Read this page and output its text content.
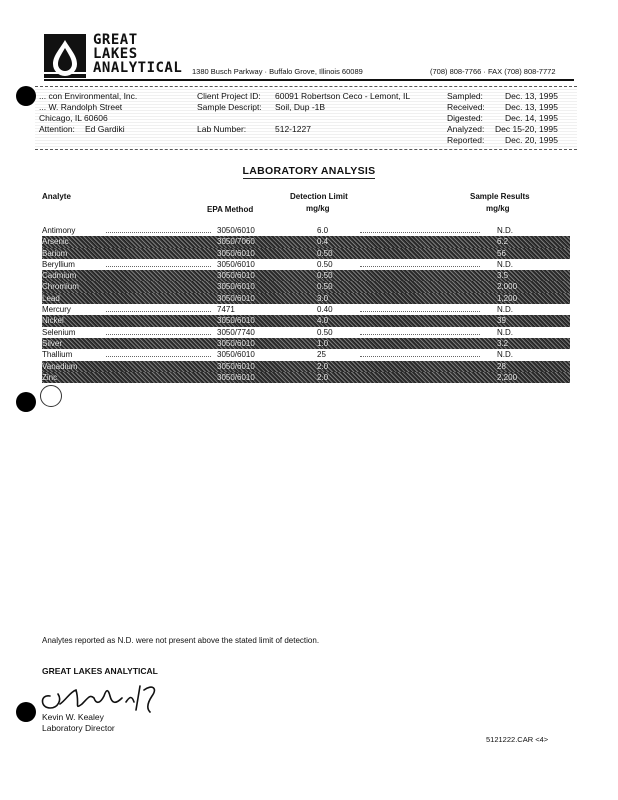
GREAT
LAKES
ANALYTICAL 1380 Busch Parkway · Buffalo Grove, Illinois 60089	(708) 808-7766 · FAX (708) 808-7772
... con Environmental, Inc.
... W. Randolph Street
Chicago, IL 60606
Attention: Ed Gardiki
Client Project ID: 60091 Robertson Ceco - Lemont, IL
Sample Descript: Soil, Dup -1B
Lab Number:	512-1227
Sampled:	Dec. 13, 1995
Received: Dec. 13, 1995
Digested:	Dec. 14, 1995
Analyzed: Dec 15-20, 1995
Reported: Dec. 20, 1995
LABORATORY ANALYSIS
Analyte
EPA Method
Detection Limit
mg/kg
Sample Results
mg/kg
Antimony	3050/6010	6.0	N.D.
Arsenic	3050/7060	0.4	6.2
Barium	3050/6010	0.50	56
Beryllium	3050/6010	0.50	N.D.
Cadmium	3050/6010	0.50	3.5
Chromium	3050/6010	0.50	2,000
Lead	3050/6010	3.0	1,200
Mercury	7471	0.40	N.D.
Nickel	3050/6010	4.0	39
Selenium	3050/7740	0.50	N.D.
Silver	3050/6010	1.0	3.2
Thallium	3050/6010	25	N.D.
Vanadium	3050/6010	2.0	28
Zinc	3050/6010	2.0	2,200
Analytes reported as N.D. were not present above the stated limit of detection.
GREAT LAKES ANALYTICAL
Kevin W. Kealey
Laboratory Director
5121222.CAR <4>
